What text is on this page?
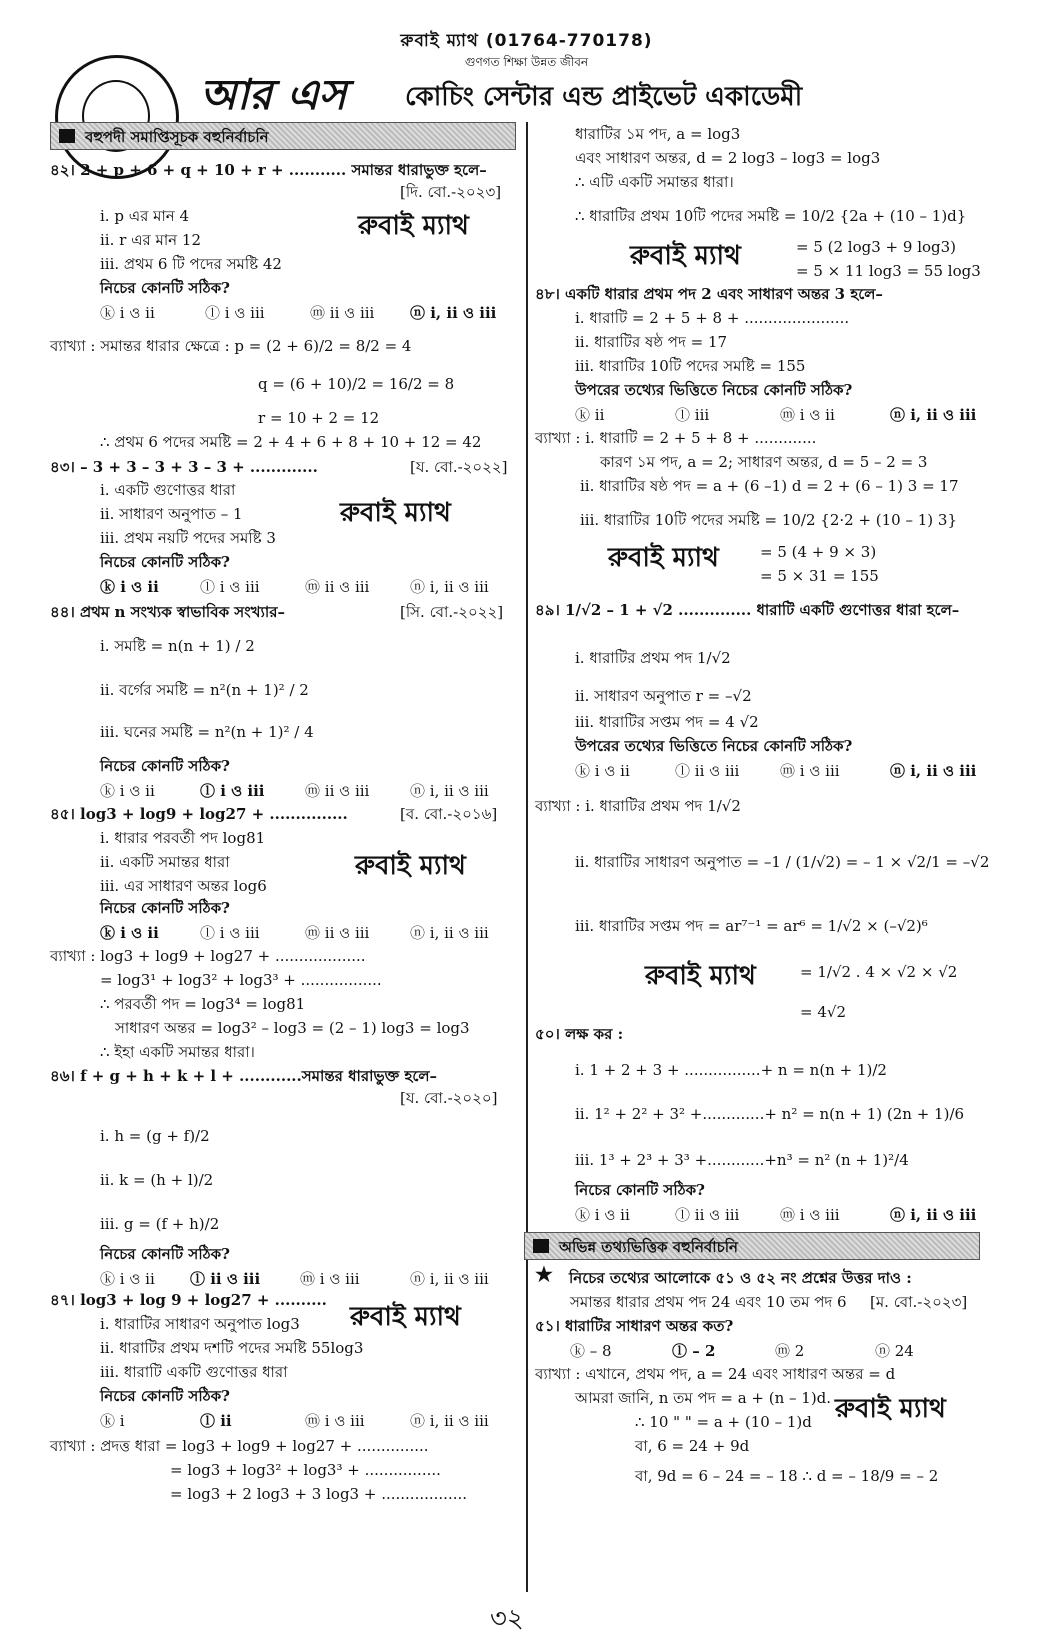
রুবাই ম্যাথ (01764-770178)
গুণগত শিক্ষা উন্নত জীবন
আর এস কোচিং সেন্টার এন্ড প্রাইভেট একাডেমী
বহুপদী সমাপ্তিসূচক বহুনির্বাচনি
৪২। 2 + p + 6 + q + 10 + r + ........... সমান্তর ধারাভুক্ত হলে–
[দি. বো.-২০২৩]
i. p এর মান 4
ii. r এর মান 12
iii. প্রথম 6 টি পদের সমষ্টি 42
নিচের কোনটি সঠিক?
রুবাই ম্যাথ
ⓚ i ও ii	ⓛ i ও iii	ⓜ ii ও iii ⓝ i, ii ও iii
ব্যাখ্যা : সমান্তর ধারার ক্ষেত্রে : p = (2 + 6)/2 = 8/2 = 4
q = (6 + 10)/2 = 16/2 = 8
r = 10 + 2 = 12
∴ প্রথম 6 পদের সমষ্টি = 2 + 4 + 6 + 8 + 10 + 12 = 42
৪৩। – 3 + 3 – 3 + 3 – 3 + .............	[য. বো.-২০২২]
i. একটি গুণোত্তর ধারা
ii. সাধারণ অনুপাত – 1
iii. প্রথম নয়টি পদের সমষ্টি 3
নিচের কোনটি সঠিক?
রুবাই ম্যাথ
ⓚ i ও ii	ⓛ i ও iii	ⓜ ii ও iii	ⓝ i, ii ও iii
৪৪। প্রথম n সংখ্যক স্বাভাবিক সংখ্যার–	[সি. বো.-২০২২]
i. সমষ্টি = n(n + 1) / 2
ii. বর্গের সমষ্টি = n²(n + 1)² / 2
iii. ঘনের সমষ্টি = n²(n + 1)² / 4
নিচের কোনটি সঠিক?
ⓚ i ও ii	ⓛ i ও iii	ⓜ ii ও iii	ⓝ i, ii ও iii
৪৫। log3 + log9 + log27 + ...............	[ব. বো.-২০১৬]
i. ধারার পরবর্তী পদ log81
ii. একটি সমান্তর ধারা
iii. এর সাধারণ অন্তর log6
নিচের কোনটি সঠিক?
রুবাই ম্যাথ
ⓚ i ও ii	ⓛ i ও iii	ⓜ ii ও iii	ⓝ i, ii ও iii
ব্যাখ্যা : log3 + log9 + log27 + ...................
= log3¹ + log3² + log3³ + .................
∴ পরবর্তী পদ = log3⁴ = log81
সাধারণ অন্তর = log3² – log3 = (2 – 1) log3 = log3
∴ ইহা একটি সমান্তর ধারা।
৪৬। f + g + h + k + l + ............সমান্তর ধারাভুক্ত হলে–
[য. বো.-২০২০]
i. h = (g + f)/2
ii. k = (h + l)/2
iii. g = (f + h)/2
নিচের কোনটি সঠিক?
ⓚ i ও ii ⓛ ii ও iii	ⓜ i ও iii	ⓝ i, ii ও iii
৪৭। log3 + log 9 + log27 + ..........
i. ধারাটির সাধারণ অনুপাত log3
ii. ধারাটির প্রথম দশটি পদের সমষ্টি 55log3
iii. ধারাটি একটি গুণোত্তর ধারা
নিচের কোনটি সঠিক?
রুবাই ম্যাথ
ⓚ i	ⓛ ii	ⓜ i ও iii	ⓝ i, ii ও iii
ব্যাখ্যা : প্রদত্ত ধারা = log3 + log9 + log27 + ...............
= log3 + log3² + log3³ + ................
= log3 + 2 log3 + 3 log3 + ..................
ধারাটির ১ম পদ, a = log3
এবং সাধারণ অন্তর, d = 2 log3 – log3 = log3
∴ এটি একটি সমান্তর ধারা।
∴ ধারাটির প্রথম 10টি পদের সমষ্টি = 10/2 {2a + (10 – 1)d}
রুবাই ম্যাথ	= 5 (2 log3 + 9 log3)
= 5 × 11 log3 = 55 log3
৪৮। একটি ধারার প্রথম পদ 2 এবং সাধারণ অন্তর 3 হলে–
i. ধারাটি = 2 + 5 + 8 + ......................
ii. ধারাটির ষষ্ঠ পদ = 17
iii. ধারাটির 10টি পদের সমষ্টি = 155
উপরের তথ্যের ভিত্তিতে নিচের কোনটি সঠিক?
ⓚ ii	ⓛ iii	ⓜ i ও ii	ⓝ i, ii ও iii
ব্যাখ্যা : i. ধারাটি = 2 + 5 + 8 + .............
কারণ ১ম পদ, a = 2; সাধারণ অন্তর, d = 5 – 2 = 3
ii. ধারাটির ষষ্ঠ পদ = a + (6 –1) d = 2 + (6 – 1) 3 = 17
iii. ধারাটির 10টি পদের সমষ্টি = 10/2 {2·2 + (10 – 1) 3}
রুবাই ম্যাথ	= 5 (4 + 9 × 3)
= 5 × 31 = 155
৪৯। 1/√2 – 1 + √2 .............. ধারাটি একটি গুণোত্তর ধারা হলে–
i. ধারাটির প্রথম পদ 1/√2
ii. সাধারণ অনুপাত r = –√2
iii. ধারাটির সপ্তম পদ = 4 √2
উপরের তথ্যের ভিত্তিতে নিচের কোনটি সঠিক?
ⓚ i ও ii	ⓛ ii ও iii	ⓜ i ও iii	ⓝ i, ii ও iii
ব্যাখ্যা : i. ধারাটির প্রথম পদ 1/√2
ii. ধারাটির সাধারণ অনুপাত = –1 / (1/√2) = – 1 × √2/1 = –√2
iii. ধারাটির সপ্তম পদ = ar⁷⁻¹ = ar⁶ = 1/√2 × (–√2)⁶
রুবাই ম্যাথ	= 1/√2 . 4 × √2 × √2
= 4√2
৫০। লক্ষ কর :
i. 1 + 2 + 3 + ................+ n = n(n + 1)/2
ii. 1² + 2² + 3² +.............+ n² = n(n + 1) (2n + 1)/6
iii. 1³ + 2³ + 3³ +............+n³ = n² (n + 1)²/4
নিচের কোনটি সঠিক?
ⓚ i ও ii	ⓛ ii ও iii	ⓜ i ও iii	ⓝ i, ii ও iii
অভিন্ন তথ্যভিত্তিক বহুনির্বাচনি
★ নিচের তথ্যের আলোকে ৫১ ও ৫২ নং প্রশ্নের উত্তর দাও :
সমান্তর ধারার প্রথম পদ 24 এবং 10 তম পদ 6 [ম. বো.-২০২৩]
৫১। ধারাটির সাধারণ অন্তর কত?
ⓚ – 8	ⓛ – 2	ⓜ 2	ⓝ 24
ব্যাখ্যা : এখানে, প্রথম পদ, a = 24 এবং সাধারণ অন্তর = d
আমরা জানি, n তম পদ = a + (n – 1)d. রুবাই ম্যাথ
∴ 10 " " = a + (10 – 1)d
বা, 6 = 24 + 9d
বা, 9d = 6 – 24 = – 18 ∴ d = – 18/9 = – 2
৩২
